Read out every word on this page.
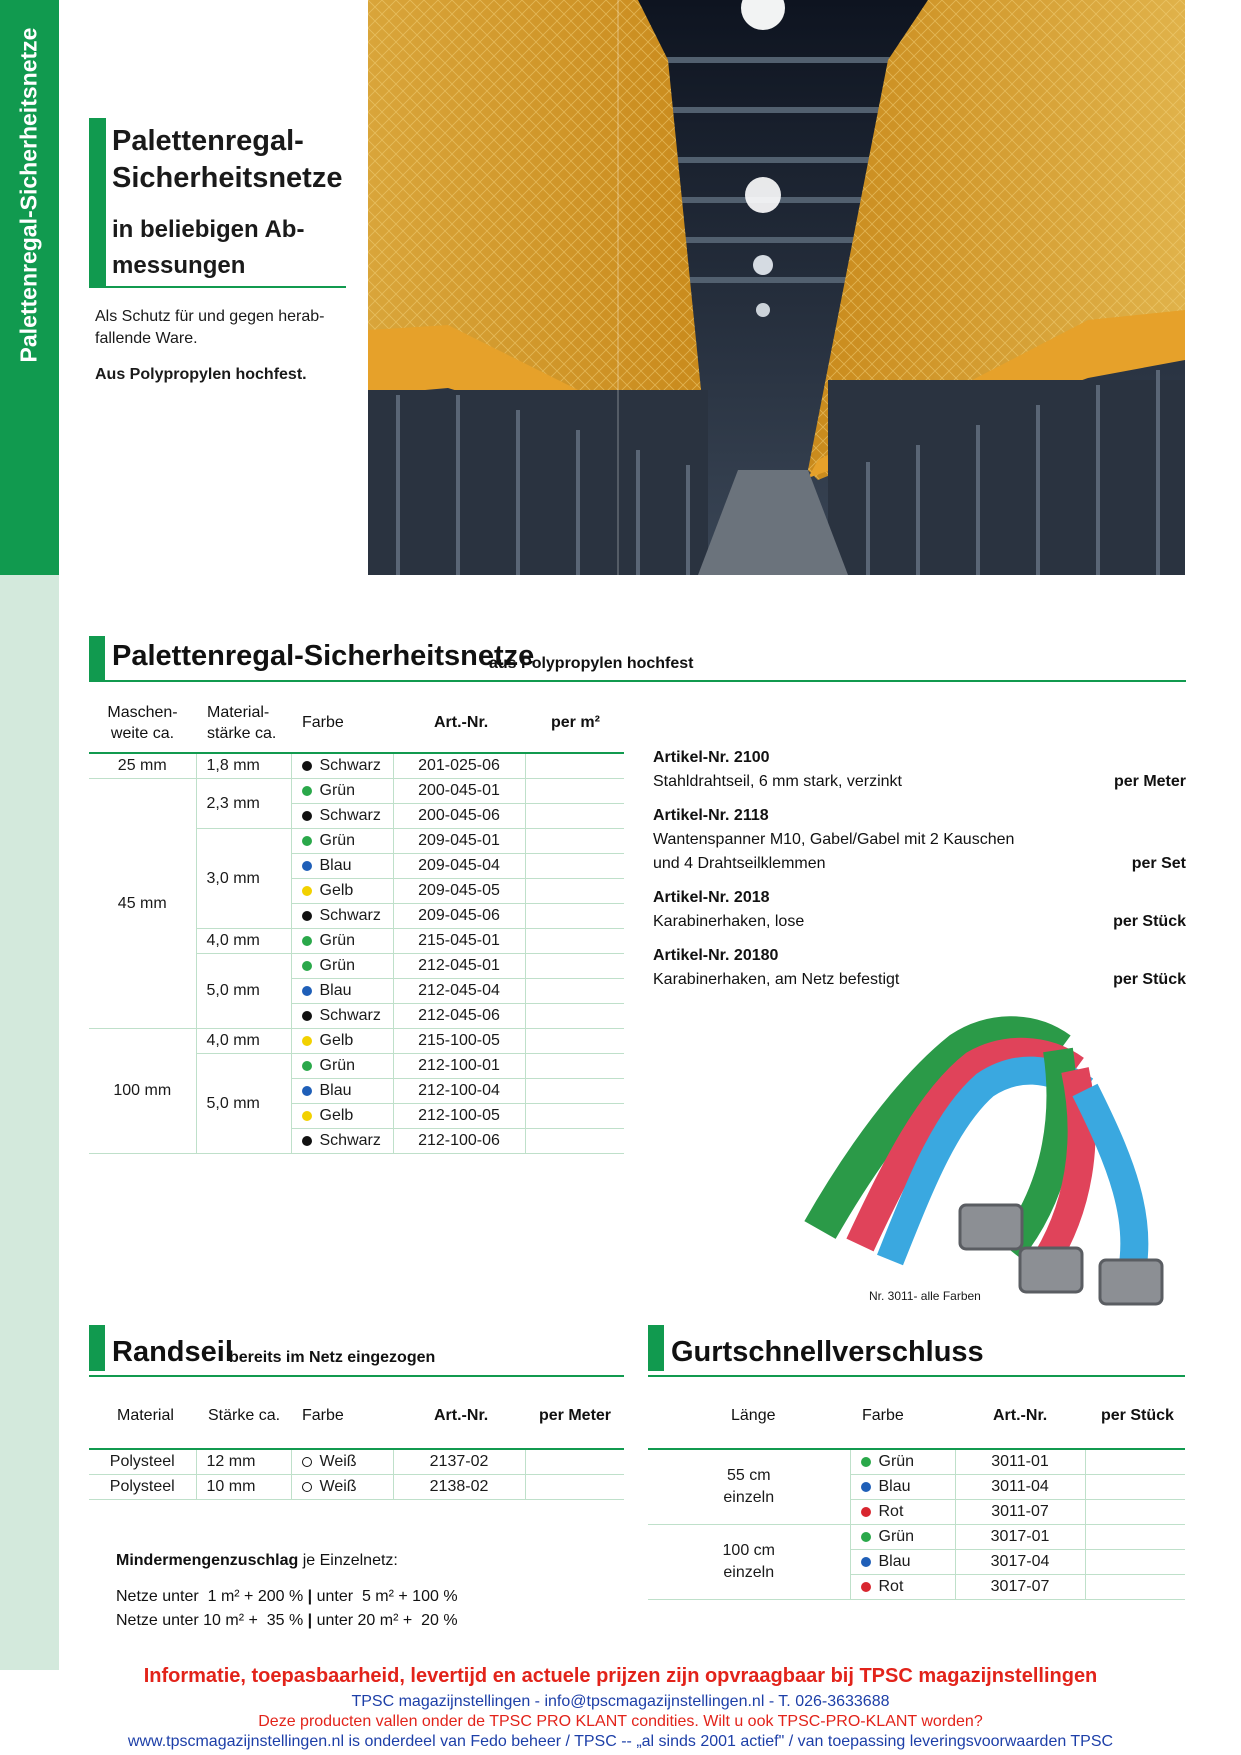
Palettenregal-Sicherheitsnetze Palettenregal-
Sicherheitsnetze
in beliebigen Ab-
messungen
Als Schutz für und gegen herab-
fallende Ware.
Aus Polypropylen hochfest.
Palettenregal-Sicherheitsnetze
aus Polypropylen hochfest
Maschen-
weite ca.
Material-
stärke ca.
Farbe	Art.-Nr.	per m²
25 mm	1,8 mm	Schwarz	201-025-06	
45 mm	2,3 mm	Grün	200-045-01	
		Schwarz	200-045-06	
	3,0 mm	Grün	209-045-01	
		Blau	209-045-04	
		Gelb	209-045-05	
		Schwarz	209-045-06	
	4,0 mm	Grün	215-045-01	
	5,0 mm	Grün	212-045-01	
		Blau	212-045-04	
		Schwarz	212-045-06	
100 mm	4,0 mm	Gelb	215-100-05	
	5,0 mm	Grün	212-100-01	
		Blau	212-100-04	
		Gelb	212-100-05	
		Schwarz	212-100-06	
Artikel-Nr. 2100
Stahldrahtseil, 6 mm stark, verzinkt	per Meter
Artikel-Nr. 2118
Wantenspanner M10, Gabel/Gabel mit 2 Kauschen
und 4 Drahtseilklemmen	per Set
Artikel-Nr. 2018
Karabinerhaken, lose	per Stück
Artikel-Nr. 20180
Karabinerhaken, am Netz befestigt	per Stück
Nr. 3011- alle Farben
Randseil
bereits im Netz eingezogen
Material Stärke ca. Farbe	Art.-Nr.	per Meter
Polysteel	12 mm	Weiß	2137-02	
Polysteel	10 mm	Weiß	2138-02	
Mindermengenzuschlag je Einzelnetz:
Netze unter  1 m² + 200 % | unter  5 m² + 100 %
Netze unter 10 m² +  35 % | unter 20 m² +  20 %
Gurtschnellverschluss
Länge	Farbe	Art.-Nr.	per Stück
55 cm
einzeln	Grün	3011-01	
	Blau	3011-04	
	Rot	3011-07	

100 cm
einzeln	Grün	3017-01	
	Blau	3017-04	
	Rot	3017-07	
Informatie, toepasbaarheid, levertijd en actuele prijzen zijn opvraagbaar bij TPSC magazijnstellingen
TPSC magazijnstellingen - info@tpscmagazijnstellingen.nl - T. 026-3633688
Deze producten vallen onder de TPSC PRO KLANT condities. Wilt u ook TPSC-PRO-KLANT worden?
www.tpscmagazijnstellingen.nl is onderdeel van Fedo beheer / TPSC -- „al sinds 2001 actief" / van toepassing leveringsvoorwaarden TPSC
